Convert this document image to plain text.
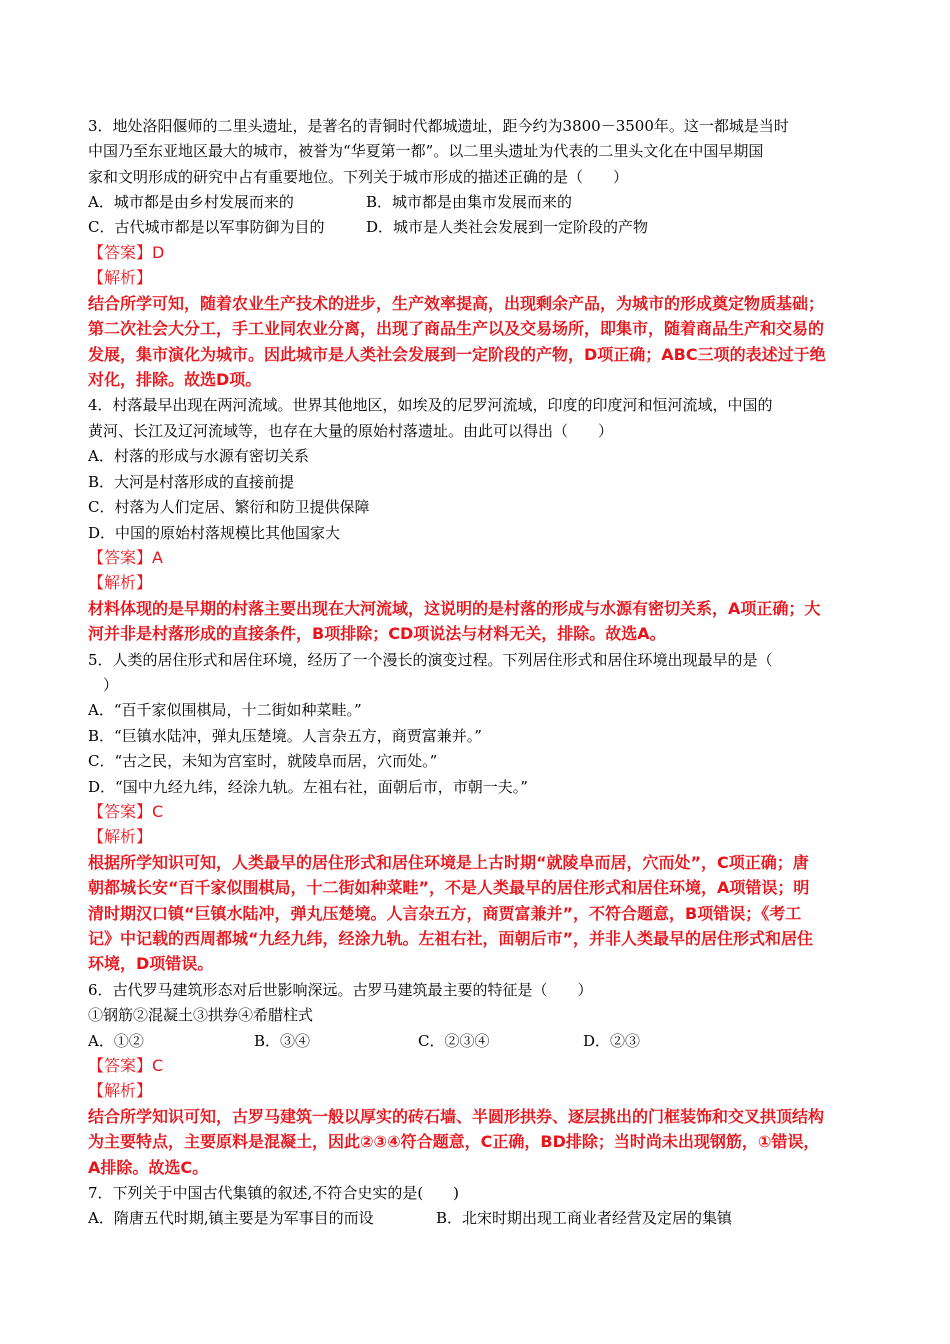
3．地处洛阳偃师的二里头遗址，是著名的青铜时代都城遗址，距今约为3800－3500年。这一都城是当时

中国乃至东亚地区最大的城市，被誉为“华夏第一都”。以二里头遗址为代表的二里头文化在中国早期国

家和文明形成的研究中占有重要地位。下列关于城市形成的描述正确的是（　　）

A．城市都是由乡村发展而来的	B．城市都是由集市发展而来的
C．古代城市都是以军事防御为目的	D．城市是人类社会发展到一定阶段的产物

【答案】D

【解析】

结合所学可知，随着农业生产技术的进步，生产效率提高，出现剩余产品，为城市的形成奠定物质基础；

第二次社会大分工，手工业同农业分离，出现了商品生产以及交易场所，即集市，随着商品生产和交易的

发展，集市演化为城市。因此城市是人类社会发展到一定阶段的产物，D项正确；ABC三项的表述过于绝

对化，排除。故选D项。

4．村落最早出现在两河流域。世界其他地区，如埃及的尼罗河流域，印度的印度河和恒河流域，中国的

黄河、长江及辽河流域等，也存在大量的原始村落遗址。由此可以得出（　　）

A．村落的形成与水源有密切关系

B．大河是村落形成的直接前提

C．村落为人们定居、繁衍和防卫提供保障

D．中国的原始村落规模比其他国家大

【答案】A

【解析】

材料体现的是早期的村落主要出现在大河流域，这说明的是村落的形成与水源有密切关系，A项正确；大

河并非是村落形成的直接条件，B项排除；CD项说法与材料无关，排除。故选A。

5．人类的居住形式和居住环境，经历了一个漫长的演变过程。下列居住形式和居住环境出现最早的是（

　）

A．“百千家似围棋局，十二街如种菜畦。”

B．“巨镇水陆冲，弹丸压楚境。人言杂五方，商贾富兼并。”

C．“古之民，未知为宫室时，就陵阜而居，穴而处。”

D．“国中九经九纬，经涂九轨。左祖右社，面朝后市，市朝一夫。”

【答案】C

【解析】

根据所学知识可知，人类最早的居住形式和居住环境是上古时期“就陵阜而居，穴而处”，C项正确；唐

朝都城长安“百千家似围棋局，十二街如种菜畦”，不是人类最早的居住形式和居住环境，A项错误；明

清时期汉口镇“巨镇水陆冲，弹丸压楚境。人言杂五方，商贾富兼并”，不符合题意，B项错误；《考工

记》中记载的西周都城“九经九纬，经涂九轨。左祖右社，面朝后市”，并非人类最早的居住形式和居住

环境，D项错误。

6．古代罗马建筑形态对后世影响深远。古罗马建筑最主要的特征是（　　）

①钢筋②混凝土③拱券④希腊柱式

A．①②	B．③④	C．②③④	D．②③

【答案】C

【解析】

结合所学知识可知，古罗马建筑一般以厚实的砖石墙、半圆形拱券、逐层挑出的门框装饰和交叉拱顶结构

为主要特点，主要原料是混凝土，因此②③④符合题意，C正确，BD排除；当时尚未出现钢筋，①错误，

A排除。故选C。

7．下列关于中国古代集镇的叙述,不符合史实的是(　　)

A．隋唐五代时期,镇主要是为军事目的而设	B．北宋时期出现工商业者经营及定居的集镇
